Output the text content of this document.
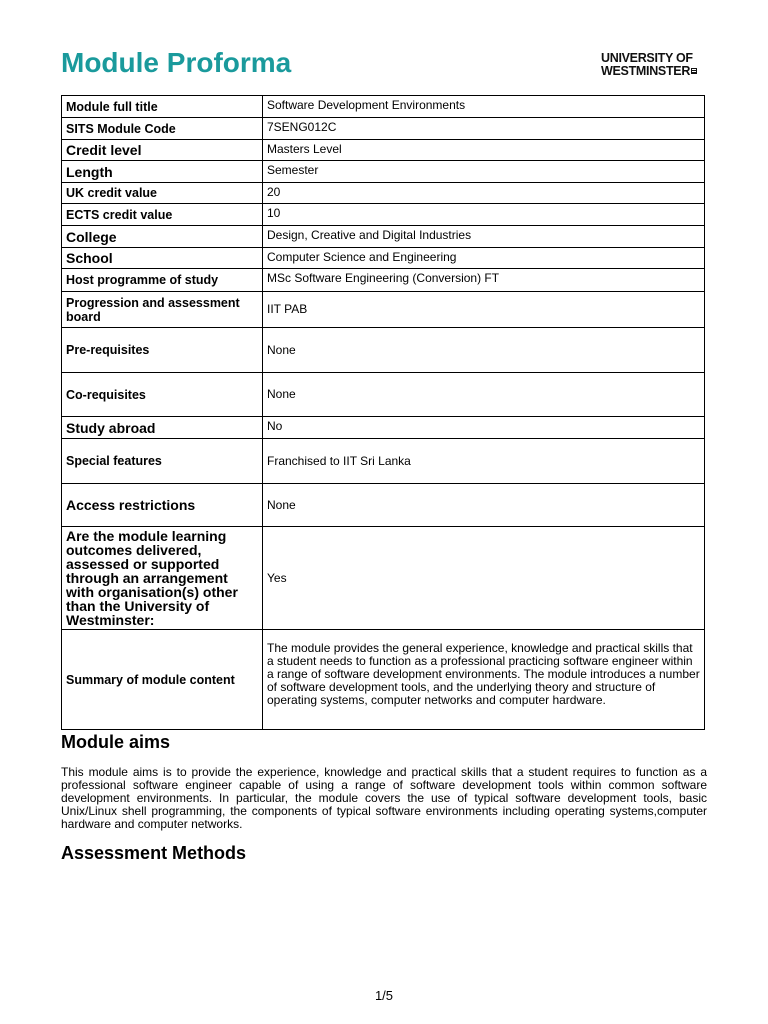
Module Proforma	UNIVERSITY OF
WESTMINSTER
Module full title	Software Development Environments
SITS Module Code	7SENG012C
Credit level	Masters Level
Length	Semester
UK credit value	20
ECTS credit value	10
College	Design, Creative and Digital Industries
School	Computer Science and Engineering
Host programme of study	MSc Software Engineering (Conversion) FT
Progression and assessment board	IIT PAB
Pre-requisites	None
Co-requisites	None
Study abroad	No
Special features	Franchised to IIT Sri Lanka
Access restrictions	None
Are the module learning outcomes delivered, assessed or supported through an arrangement with organisation(s) other than the University of Westminster:	Yes
Summary of module content	The module provides the general experience, knowledge and practical skills that a student needs to function as a professional practicing software engineer within a range of software development environments. The module introduces a number of software development tools, and the underlying theory and structure of operating systems, computer networks and computer hardware.
Module aims
This module aims is to provide the experience, knowledge and practical skills that a student requires to function as a professional software engineer capable of using a range of software development tools within common software development environments. In particular, the module covers the use of typical software development tools, basic Unix/Linux shell programming, the components of typical software environments including operating systems,computer hardware and computer networks.
Assessment Methods
1/5
